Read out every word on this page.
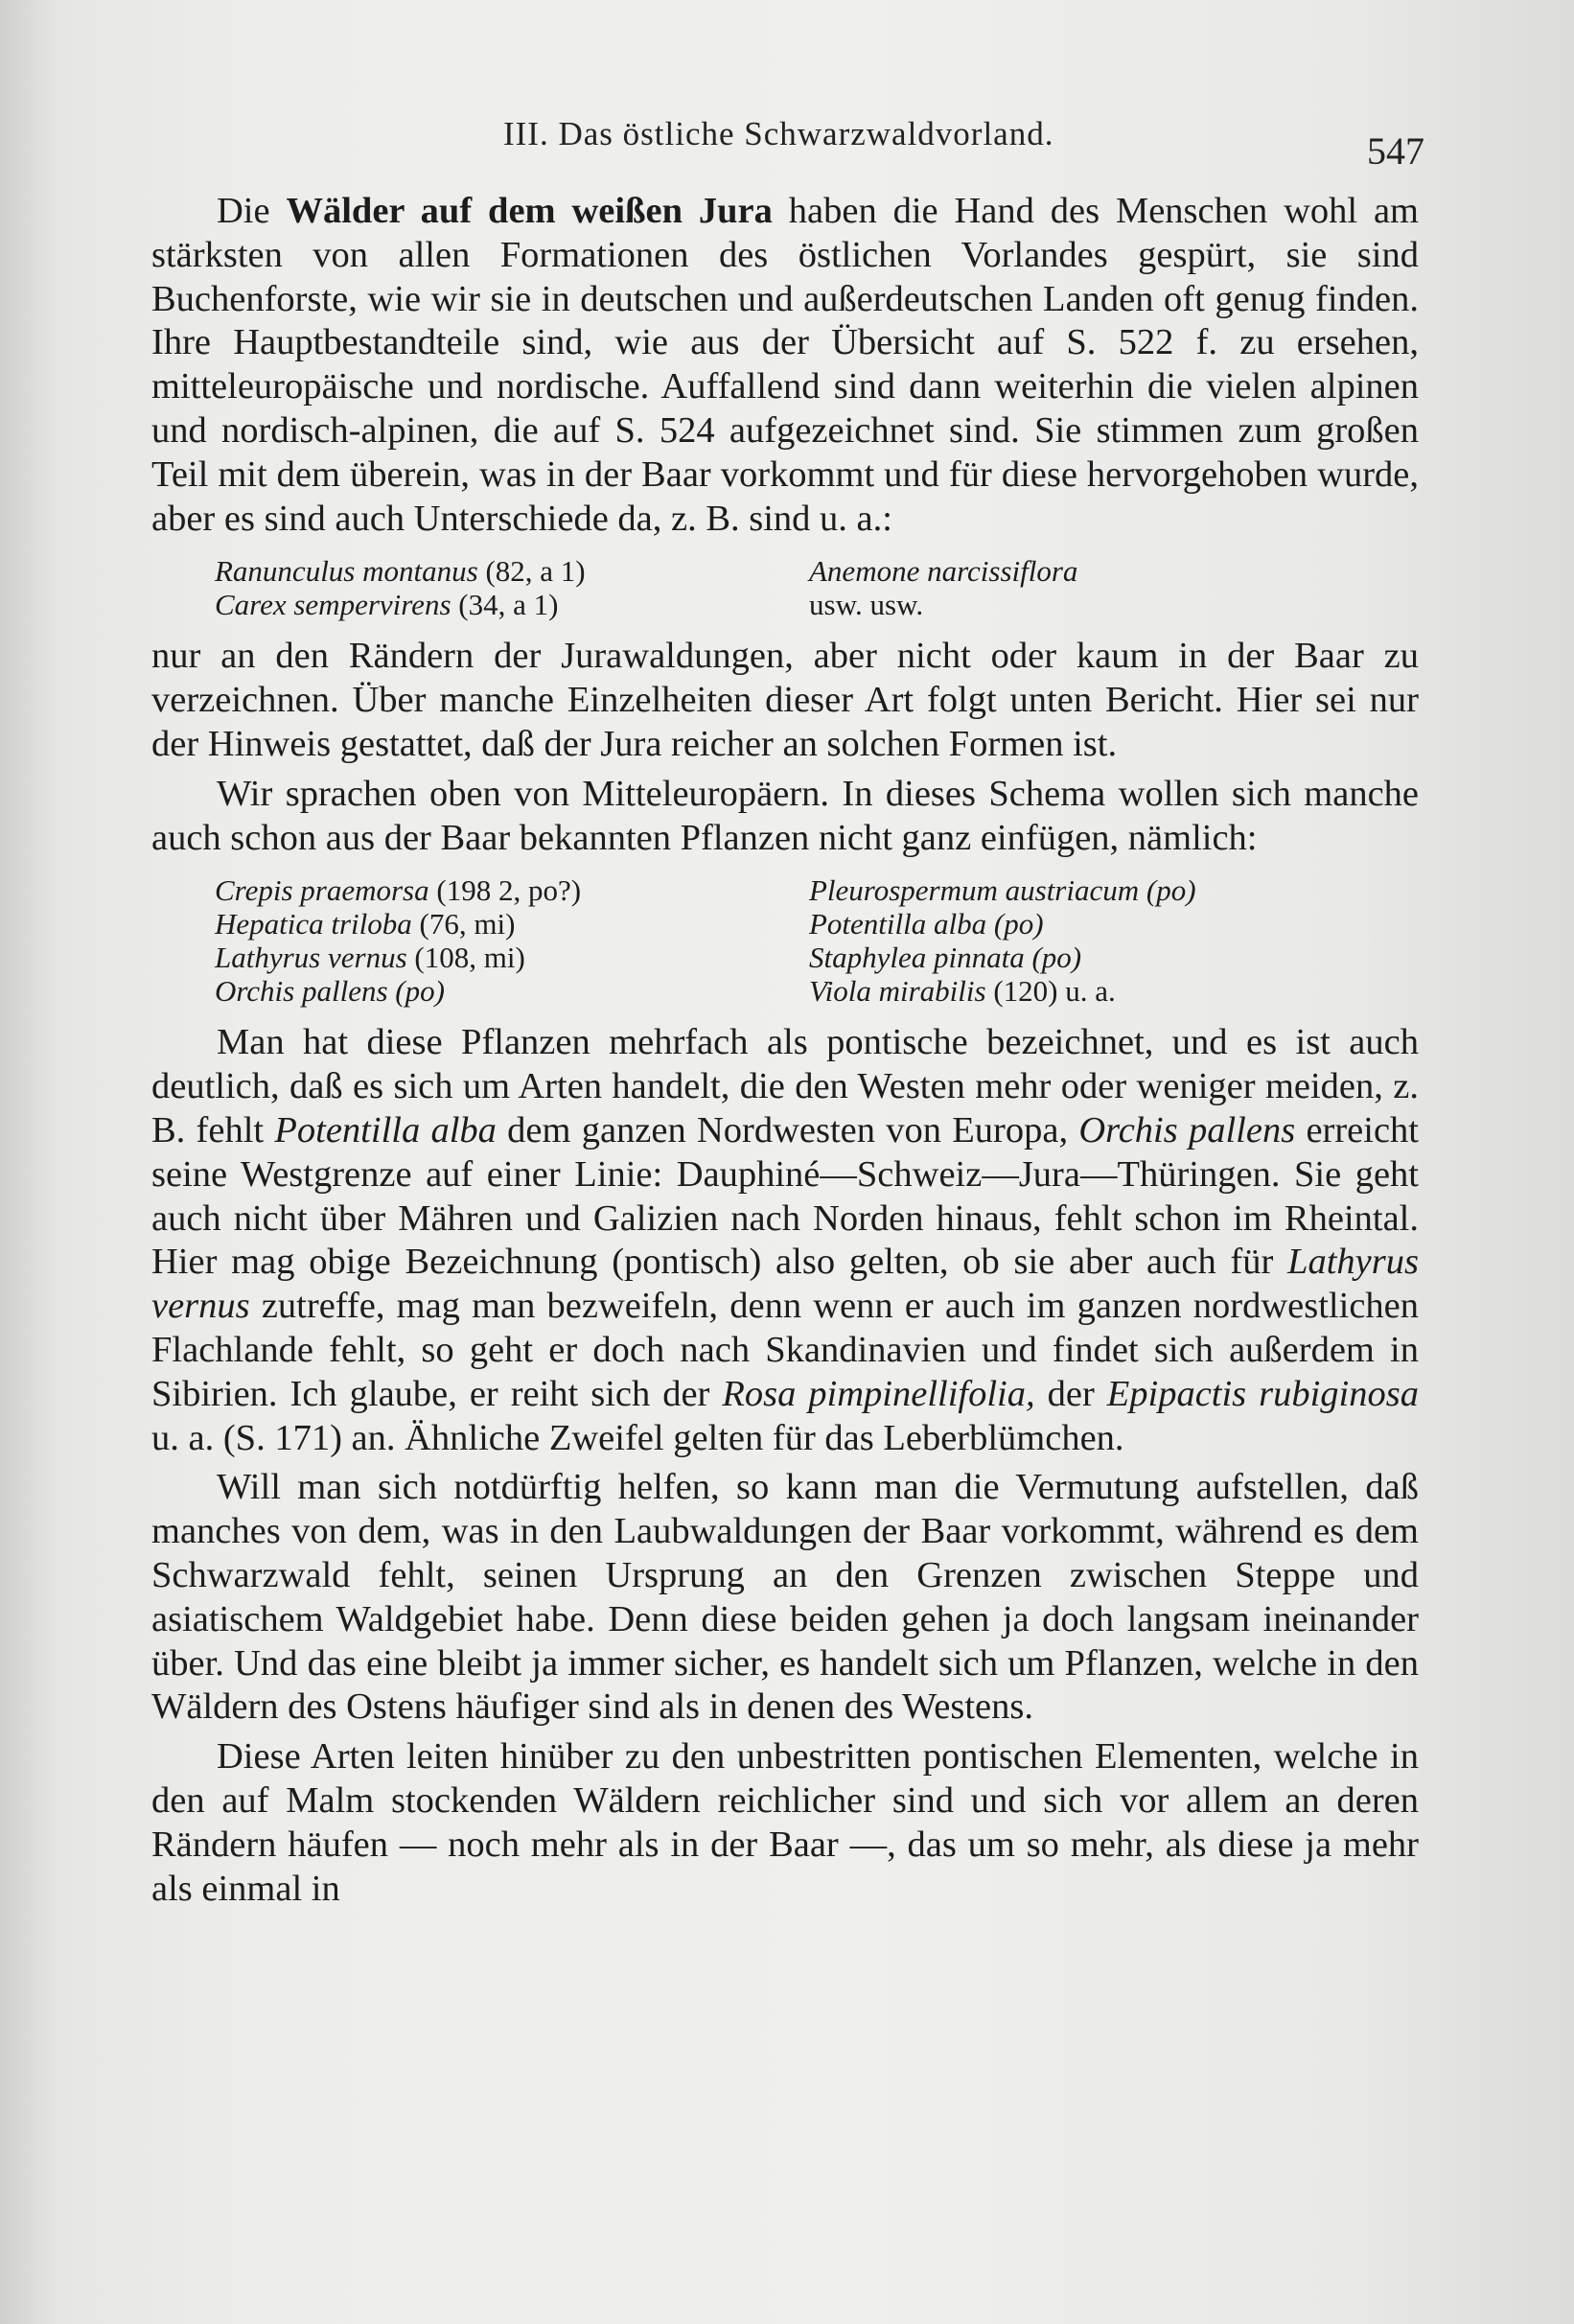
III. Das östliche Schwarzwaldvorland.	547

Die Wälder auf dem weißen Jura haben die Hand des Menschen wohl am stärksten von allen Formationen des östlichen Vorlandes gespürt, sie sind Buchenforste, wie wir sie in deutschen und außerdeutschen Landen oft genug finden. Ihre Hauptbestandteile sind, wie aus der Übersicht auf S. 522 f. zu ersehen, mitteleuropäische und nordische. Auffallend sind dann weiterhin die vielen alpinen und nordisch-alpinen, die auf S. 524 aufgezeichnet sind. Sie stimmen zum großen Teil mit dem überein, was in der Baar vorkommt und für diese hervorgehoben wurde, aber es sind auch Unterschiede da, z. B. sind u. a.:

Ranunculus montanus (82, a 1)	Anemone narcissiflora
Carex sempervirens (34, a 1)	usw. usw.

nur an den Rändern der Jurawaldungen, aber nicht oder kaum in der Baar zu verzeichnen. Über manche Einzelheiten dieser Art folgt unten Bericht. Hier sei nur der Hinweis gestattet, daß der Jura reicher an solchen Formen ist.

Wir sprachen oben von Mitteleuropäern. In dieses Schema wollen sich manche auch schon aus der Baar bekannten Pflanzen nicht ganz einfügen, nämlich:

Crepis praemorsa (198 2, po?)	Pleurospermum austriacum (po)
Hepatica triloba (76, mi)	Potentilla alba (po)
Lathyrus vernus (108, mi)	Staphylea pinnata (po)
Orchis pallens (po)	Viola mirabilis (120) u. a.

Man hat diese Pflanzen mehrfach als pontische bezeichnet, und es ist auch deutlich, daß es sich um Arten handelt, die den Westen mehr oder weniger meiden, z. B. fehlt Potentilla alba dem ganzen Nordwesten von Europa, Orchis pallens erreicht seine Westgrenze auf einer Linie: Dauphiné—Schweiz—Jura—Thüringen. Sie geht auch nicht über Mähren und Galizien nach Norden hinaus, fehlt schon im Rheintal. Hier mag obige Bezeichnung (pontisch) also gelten, ob sie aber auch für Lathyrus vernus zutreffe, mag man bezweifeln, denn wenn er auch im ganzen nordwestlichen Flachlande fehlt, so geht er doch nach Skandinavien und findet sich außerdem in Sibirien. Ich glaube, er reiht sich der Rosa pimpinellifolia, der Epipactis rubiginosa u. a. (S. 171) an. Ähnliche Zweifel gelten für das Leberblümchen.

Will man sich notdürftig helfen, so kann man die Vermutung aufstellen, daß manches von dem, was in den Laubwaldungen der Baar vorkommt, während es dem Schwarzwald fehlt, seinen Ursprung an den Grenzen zwischen Steppe und asiatischem Waldgebiet habe. Denn diese beiden gehen ja doch langsam ineinander über. Und das eine bleibt ja immer sicher, es handelt sich um Pflanzen, welche in den Wäldern des Ostens häufiger sind als in denen des Westens.

Diese Arten leiten hinüber zu den unbestritten pontischen Elementen, welche in den auf Malm stockenden Wäldern reichlicher sind und sich vor allem an deren Rändern häufen — noch mehr als in der Baar —, das um so mehr, als diese ja mehr als einmal in
